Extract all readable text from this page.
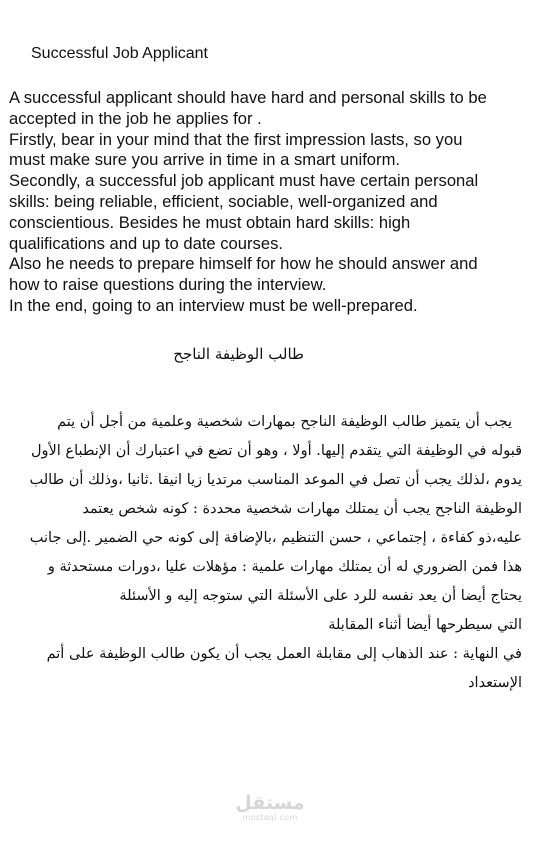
Successful Job Applicant
A successful applicant should have hard and personal skills to be
accepted in the job he applies for .
Firstly, bear in your mind that the first impression lasts, so you
must make sure you arrive in time in a smart uniform.
Secondly, a successful job applicant must have certain personal
skills: being reliable, efficient, sociable, well-organized and
conscientious. Besides he must obtain hard skills: high
qualifications and up to date courses.
Also he needs to prepare himself for how he should answer and
how to raise questions during the interview.
In the end, going to an interview must be well-prepared.
طالب الوظيفة الناجح
يجب أن يتميز طالب الوظيفة الناجح بمهارات شخصية وعلمية من أجل أن يتم
قبوله في الوظيفة التي يتقدم إليها. أولا ، وهو أن تضع في اعتبارك أن الإنطباع الأول
يدوم ،لذلك يجب أن تصل في الموعد المناسب مرتديا زيا انيقا .ثانيا ،وذلك أن طالب
الوظيفة الناجح يجب أن يمتلك مهارات شخصية محددة : كونه شخص يعتمد
عليه،ذو كفاءة ، إجتماعي ، حسن التنظيم ،بالإضافة إلى كونه حي الضمير .إلى جانب
هذا فمن الضروري له أن يمتلك مهارات علمية : مؤهلات عليا ،دورات مستحدثة و
يحتاج أيضا أن يعد نفسه للرد على الأسئلة التي ستوجه إليه و الأسئلة
التي سيطرحها أيضا أثناء المقابلة
في النهاية : عند الذهاب إلى مقابلة العمل يجب أن يكون طالب الوظيفة على أتم
الإستعداد
مستقل
mostaql.com
